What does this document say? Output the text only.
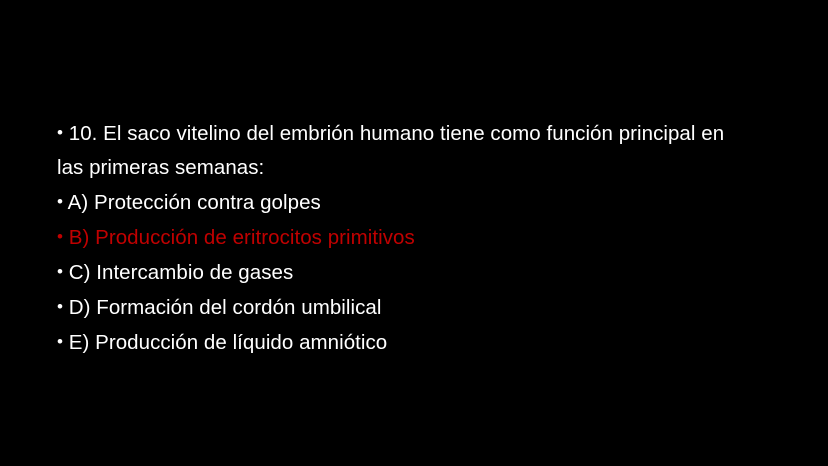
• 10. El saco vitelino del embrión humano tiene como función principal en las primeras semanas:
• A) Protección contra golpes
• B) Producción de eritrocitos primitivos
• C) Intercambio de gases
• D) Formación del cordón umbilical
• E) Producción de líquido amniótico
